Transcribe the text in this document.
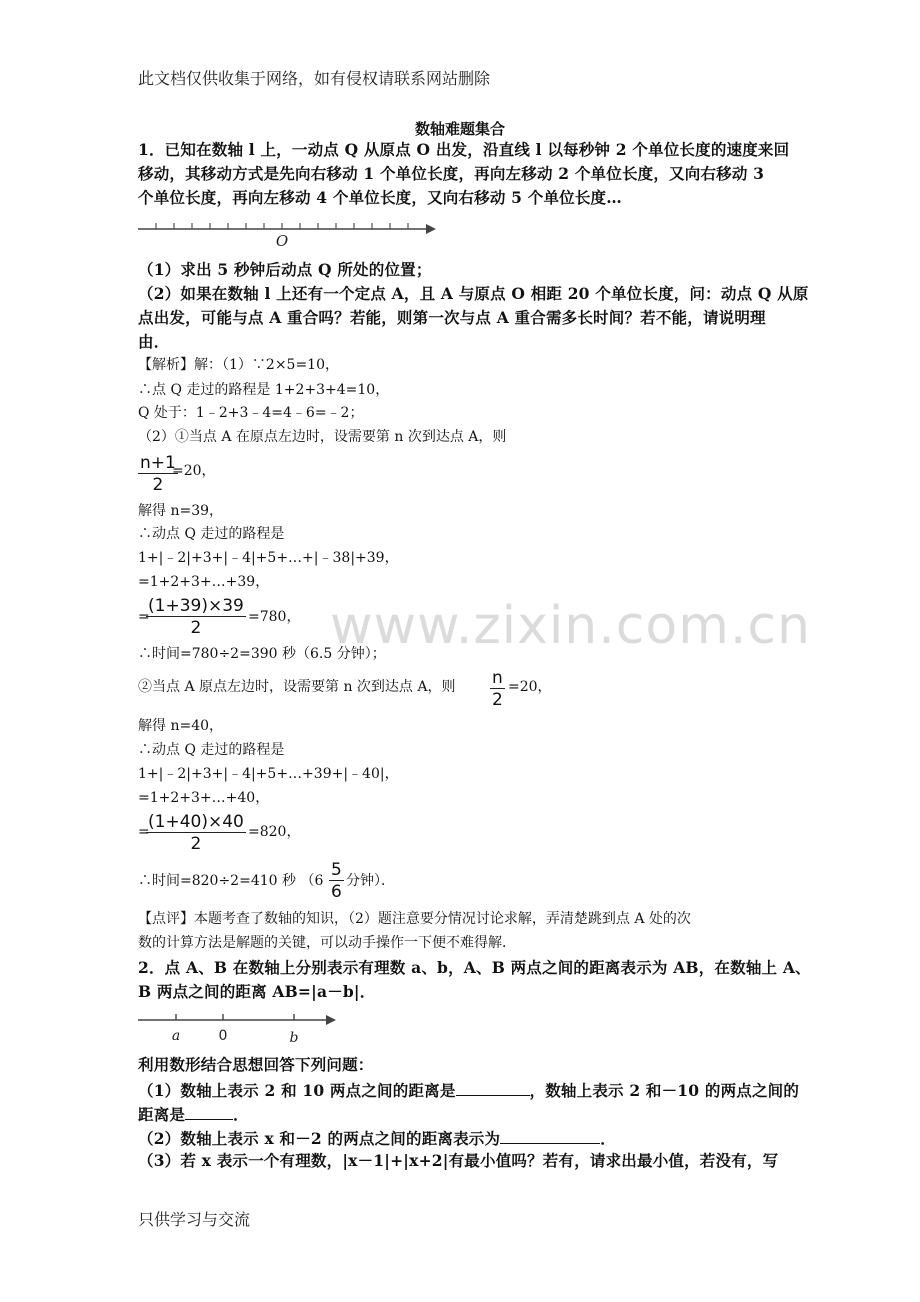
此文档仅供收集于网络，如有侵权请联系网站删除
www.zixin.com.cn
数轴难题集合
1．已知在数轴 l 上，一动点 Q 从原点 O 出发，沿直线 l 以每秒钟 2 个单位长度的速度来回
移动，其移动方式是先向右移动 1 个单位长度，再向左移动 2 个单位长度，又向右移动 3
个单位长度，再向左移动 4 个单位长度，又向右移动 5 个单位长度…
O
（1）求出 5 秒钟后动点 Q 所处的位置；
（2）如果在数轴 l 上还有一个定点 A，且 A 与原点 O 相距 20 个单位长度，问：动点 Q 从原
点出发，可能与点 A 重合吗？若能，则第一次与点 A 重合需多长时间？若不能，请说明理
由．
【解析】解：（1）∵2×5=10，
∴点 Q 走过的路程是 1+2+3+4=10，
Q 处于：1﹣2+3﹣4=4﹣6=﹣2；
（2）①当点 A 在原点左边时，设需要第 n 次到达点 A，则
$\frac{n+1}{2}$
=20，
解得 n=39，
∴动点 Q 走过的路程是
1+|﹣2|+3+|﹣4|+5+…+|﹣38|+39，
=1+2+3+…+39，
=
$\frac{(1+39)\times 39}{2} =780$，
∴时间=780÷2=390 秒（6.5 分钟）；
②当点 A 原点左边时，设需要第 n 次到达点 A，则 $\frac{n}{2} =20$，
解得 n=40，
∴动点 Q 走过的路程是
1+|﹣2|+3+|﹣4|+5+…+39+|﹣40|，
=1+2+3+…+40，
=
$\frac{(1+40)\times 40}{2} =820$，
∴时间=820÷2=410 秒 （$6 \frac{5}{6}$ 分钟）．
【点评】本题考查了数轴的知识，（2）题注意要分情况讨论求解，弄清楚跳到点 A 处的次
数的计算方法是解题的关键，可以动手操作一下便不难得解．
2．点 A、B 在数轴上分别表示有理数 a、b，A、B 两点之间的距离表示为 AB，在数轴上 A、
B 两点之间的距离 AB=|a－b|．
a	0	b
利用数形结合思想回答下列问题：
（1）数轴上表示 2 和 10 两点之间的距离是	，数轴上表示 2 和－10 的两点之间的
距离是	．
（2）数轴上表示 x 和－2 的两点之间的距离表示为	．
（3）若 x 表示一个有理数，|x－1|+|x+2|有最小值吗？若有，请求出最小值，若没有，写
只供学习与交流
